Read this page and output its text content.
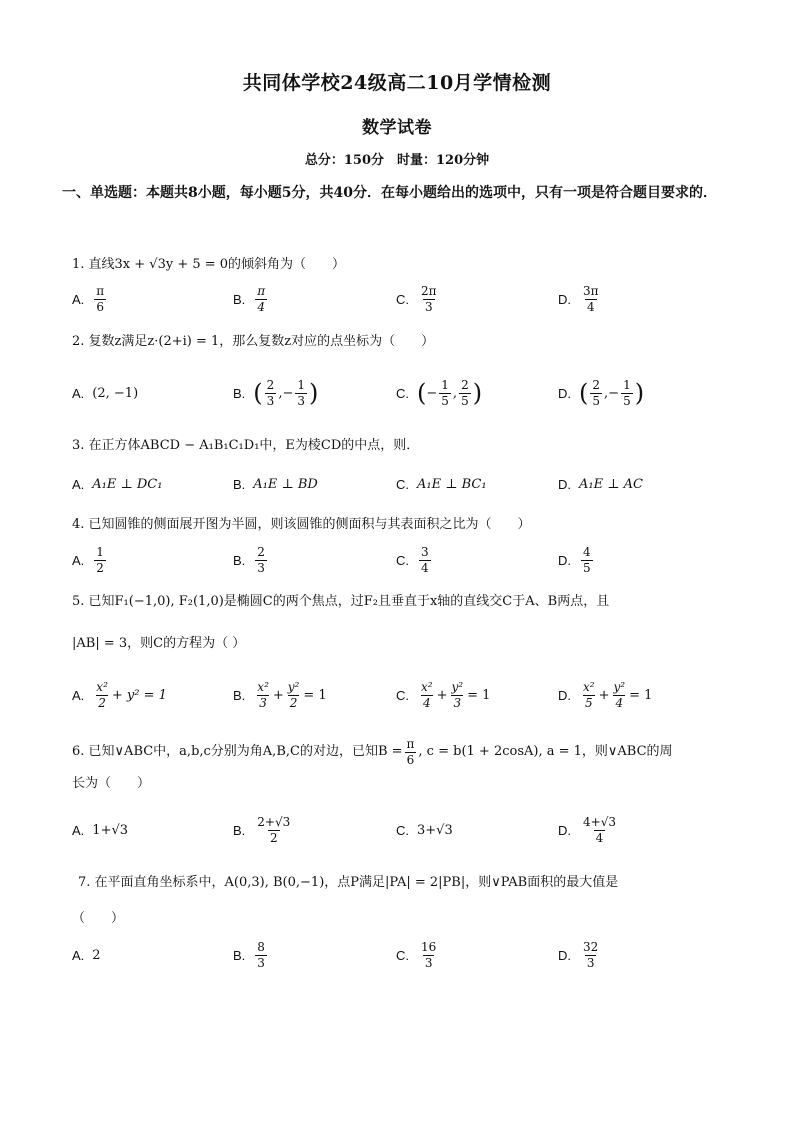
共同体学校24级高二10月学情检测
数学试卷
总分：150分　时量：120分钟
一、单选题：本题共8小题，每小题5分，共40分．在每小题给出的选项中，只有一项是符合题目要求的．
1. 直线3x + √3y + 5 = 0的倾斜角为（　　）
A. $\frac{\pi}{6}$	B. $\frac{\pi}{4}$	C. $\frac{2\pi}{3}$	D. $\frac{3\pi}{4}$
2. 复数z满足z·(2+i) = 1，那么复数z对应的点坐标为（　　）
A. (2, −1)	B. ( $\frac{2}{3}$ , − $\frac{1}{3}$ )	C. ( − $\frac{1}{5}$ , $\frac{2}{5}$ )	D. ( $\frac{2}{5}$ , − $\frac{1}{5}$ )
3. 在正方体ABCD − A₁B₁C₁D₁中，E为棱CD的中点，则．
A. A₁E ⊥ DC₁	B. A₁E ⊥ BD	C. A₁E ⊥ BC₁	D. A₁E ⊥ AC
4. 已知圆锥的侧面展开图为半圆，则该圆锥的侧面积与其表面积之比为（　　）
A. $\frac{1}{2}$	B. $\frac{2}{3}$	C. $\frac{3}{4}$	D. $\frac{4}{5}$
5. 已知F₁(−1,0), F₂(1,0)是椭圆C的两个焦点，过F₂且垂直于x轴的直线交C于A、B两点，且
|AB| = 3，则C的方程为（ ）
A. $\frac{\text{x²}}{2} + y^2 = 1$	B. $\frac{\text{x²}}{3} + \frac{\text{y²}}{2} = 1$	C. $\frac{\text{x²}}{4} + \frac{\text{y²}}{3} = 1$	D. $\frac{\text{x²}}{5} + \frac{\text{y²}}{4} = 1$
6. 已知∨ABC中，a,b,c分别为角A,B,C的对边，已知$B = \frac{\pi}{6}$ , c = b(1 + 2cosA), a = 1，则∨ABC的周
长为（　　）
A. 1+√3	B. $\frac{2+√3}{2}$	C. 3+√3	D. $\frac{4+√3}{4}$
7. 在平面直角坐标系中，A(0,3), B(0,−1)，点P满足|PA| = 2|PB|，则∨PAB面积的最大值是
（　　）
A. 2	B. $\frac{8}{3}$	C. $\frac{16}{3}$	D. $\frac{32}{3}$
